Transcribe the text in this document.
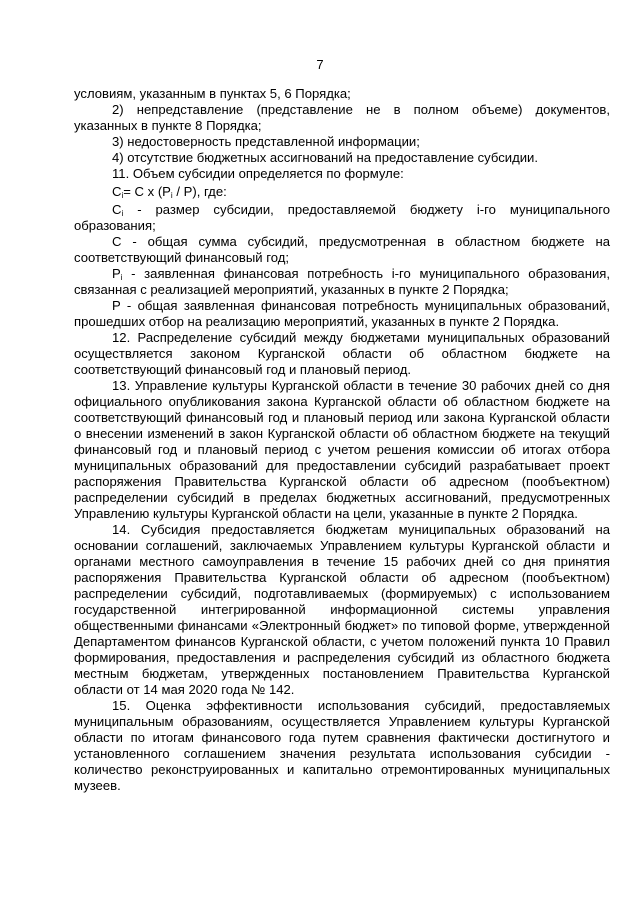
7

условиям, указанным в пунктах 5, 6 Порядка;

2) непредставление (представление не в полном объеме) документов, указанных в пункте 8 Порядка;

3) недостоверность представленной информации;

4) отсутствие бюджетных ассигнований на предоставление субсидии.

11. Объем субсидии определяется по формуле:

$C_i= C$ x $(P_i / P)$, где:

$C_i$ - размер субсидии, предоставляемой бюджету i-го муниципального образования;

C - общая сумма субсидий, предусмотренная в областном бюджете на соответствующий финансовый год;

$P_i$ - заявленная финансовая потребность i-го муниципального образования, связанная с реализацией мероприятий, указанных в пункте 2 Порядка;

P - общая заявленная финансовая потребность муниципальных образований, прошедших отбор на реализацию мероприятий, указанных в пункте 2 Порядка.

12. Распределение субсидий между бюджетами муниципальных образований осуществляется законом Курганской области об областном бюджете на соответствующий финансовый год и плановый период.

13. Управление культуры Курганской области в течение 30 рабочих дней со дня официального опубликования закона Курганской области об областном бюджете на соответствующий финансовый год и плановый период или закона Курганской области о внесении изменений в закон Курганской области об областном бюджете на текущий финансовый год и плановый период с учетом решения комиссии об итогах отбора муниципальных образований для предоставлении субсидий разрабатывает проект распоряжения Правительства Курганской области об адресном (пообъектном) распределении субсидий в пределах бюджетных ассигнований, предусмотренных Управлению культуры Курганской области на цели, указанные в пункте 2 Порядка.

14. Субсидия предоставляется бюджетам муниципальных образований на основании соглашений, заключаемых Управлением культуры Курганской области и органами местного самоуправления в течение 15 рабочих дней со дня принятия распоряжения Правительства Курганской области об адресном (пообъектном) распределении субсидий, подготавливаемых (формируемых) с использованием государственной интегрированной информационной системы управления общественными финансами «Электронный бюджет» по типовой форме, утвержденной Департаментом финансов Курганской области, с учетом положений пункта 10 Правил формирования, предоставления и распределения субсидий из областного бюджета местным бюджетам, утвержденных постановлением Правительства Курганской области от 14 мая 2020 года № 142.

15. Оценка эффективности использования субсидий, предоставляемых муниципальным образованиям, осуществляется Управлением культуры Курганской области по итогам финансового года путем сравнения фактически достигнутого и установленного соглашением значения результата использования субсидии - количество реконструированных и капитально отремонтированных муниципальных музеев.
